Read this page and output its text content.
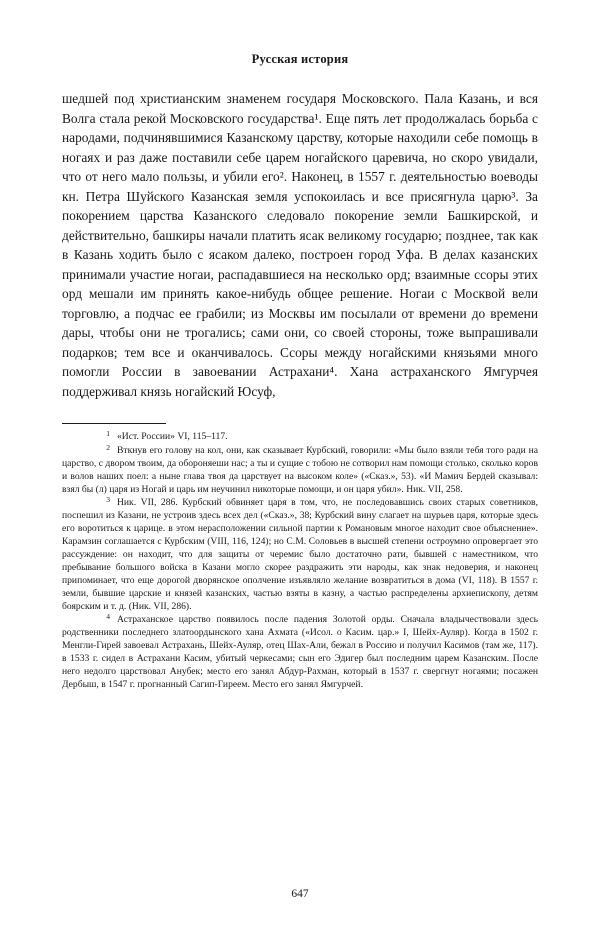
Русская история

шедшей под христианским знаменем государя Московского. Пала Казань, и вся Волга стала рекой Московского государства¹. Еще пять лет продолжалась борьба с народами, подчинявшимися Казанскому царству, которые находили себе помощь в ногаях и раз даже поставили себе царем ногайского царевича, но скоро увидали, что от него мало пользы, и убили его². Наконец, в 1557 г. деятельностью воеводы кн. Петра Шуйского Казанская земля успокоилась и все присягнула царю³. За покорением царства Казанского следовало покорение земли Башкирской, и действительно, башкиры начали платить ясак великому государю; позднее, так как в Казань ходить было с ясаком далеко, построен город Уфа. В делах казанских принимали участие ногаи, распадавшиеся на несколько орд; взаимные ссоры этих орд мешали им принять какое-нибудь общее решение. Ногаи с Москвой вели торговлю, а подчас ее грабили; из Москвы им посылали от времени до времени дары, чтобы они не трогались; сами они, со своей стороны, тоже выпрашивали подарков; тем все и оканчивалось. Ссоры между ногайскими князьями много помогли России в завоевании Астрахани⁴. Хана астраханского Ямгурчея поддерживал князь ногайский Юсуф,

1 «Ист. России» VI, 115–117.
2 Вткнув его голову на кол, они, как сказывает Курбский, говорили: «Мы было взяли тебя того ради на царство, с двором твоим, да обороняеши нас; а ты и сущие с тобою не сотворил нам помощи столько, сколько коров и волов наших поел: а ныне глава твоя да царствует на высоком коле» («Сказ.», 53). «И Мамич Бердей сказывал: взял бы (л) царя из Ногай и царь им неучинил никоторые помощи, и он царя убил». Ник. VII, 258.
3 Ник. VII, 286. Курбский обвиняет царя в том, что, не последовавшись своих старых советников, поспешил из Казани, не устроив здесь всех дел («Сказ.», 38; Курбский вину слагает на шурьев царя, которые здесь его воротиться к царице. в этом нерасположении сильной партии к Романовым многое находит свое объяснение». Карамзин соглашается с Курбским (VIII, 116, 124); но С.М. Соловьев в высшей степени остроумно опровергает это рассуждение: он находит, что для защиты от черемис было достаточно рати, бывшей с наместником, что пребывание большого войска в Казани могло скорее раздражить эти народы, как знак недоверия, и наконец припоминает, что еще дорогой дворянское ополчение изъявляло желание возвратиться в дома (VI, 118). В 1557 г. земли, бывшие царские и князей казанских, частью взяты в казну, а частью распределены архиепископу, детям боярским и т. д. (Ник. VII, 286).
4 Астраханское царство появилось после падения Золотой орды. Сначала владычествовали здесь родственники последнего златоордынского хана Ахмата («Исол. о Касим. цар.» I, Шейх-Ауляр). Когда в 1502 г. Менгли-Гирей завоевал Астрахань, Шейх-Ауляр, отец Шах-Али, бежал в Россию и получил Касимов (там же, 117). в 1533 г. сидел в Астрахани Касим, убитый черкесами; сын его Эдигер был последним царем Казанским. После него недолго царствовал Анубек; место его занял Абдур-Рахман, который в 1537 г. свергнут ногаями; посажен Дербыш, в 1547 г. прогнанный Сагип-Гиреем. Место его занял Ямгурчей.
647
